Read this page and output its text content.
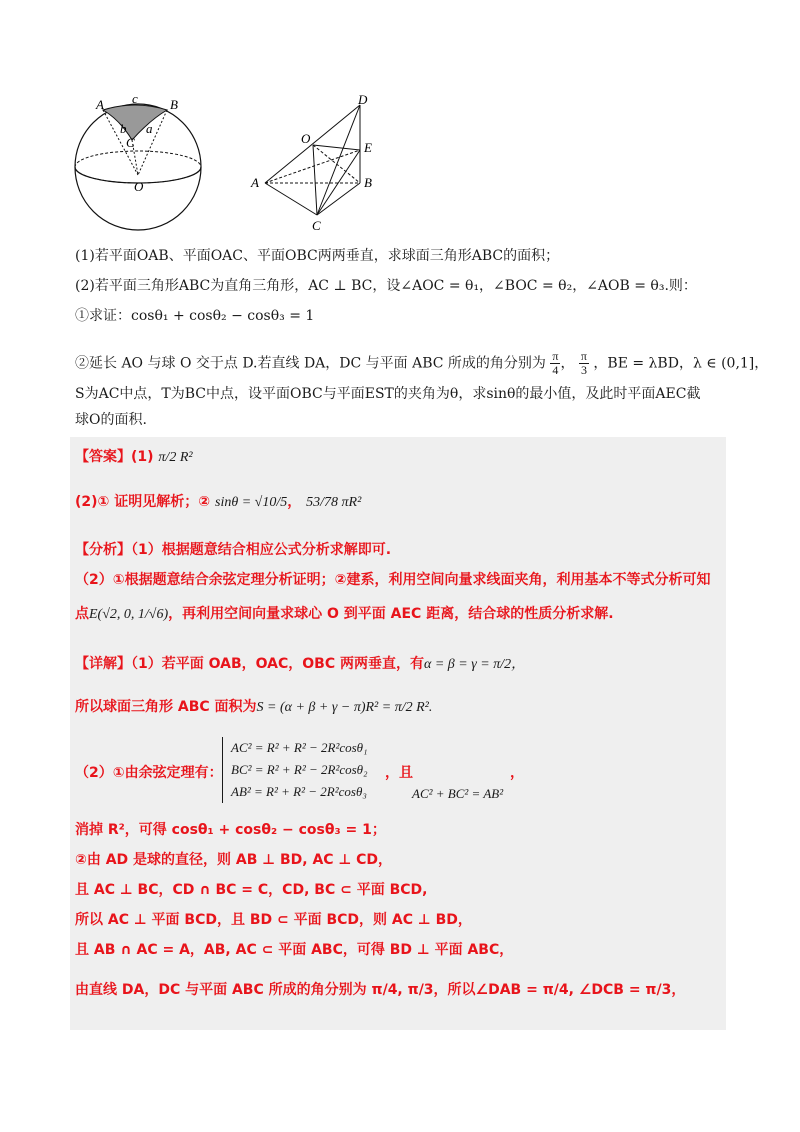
A c B
b a
C
O
D
O
E
A	B
C
(1)若平面OAB、平面OAC、平面OBC两两垂直，求球面三角形ABC的面积；
(2)若平面三角形ABC为直角三角形，AC ⊥ BC，设∠AOC = θ₁，∠BOC = θ₂，∠AOB = θ₃.则：
①求证：cosθ₁ + cosθ₂ − cosθ₃ = 1
②延长 AO 与球 O 交于点 D.若直线 DA，DC 与平面 ABC 所成的角分别为 $\frac{\pi}{4}$ ， $\frac{\pi}{3}$ ，BE = λBD，λ ∈ (0,1]，
S为AC中点，T为BC中点，设平面OBC与平面EST的夹角为θ，求sinθ的最小值，及此时平面AEC截
球O的面积.
【答案】(1) π/2 R²
(2)① 证明见解析；② sinθ = √10/5， 53/78 πR²
【分析】（1）根据题意结合相应公式分析求解即可.
（2）①根据题意结合余弦定理分析证明；②建系，利用空间向量求线面夹角，利用基本不等式分析可知
点E(√2, 0, 1/√6)，再利用空间向量求球心 O 到平面 AEC 距离，结合球的性质分析求解.
【详解】（1）若平面 OAB，OAC，OBC 两两垂直，有α = β = γ = π/2，
所以球面三角形 ABC 面积为S = (α + β + γ − π)R² = π/2 R².
（2）①由余弦定理有：
AC² = R² + R² − 2R²cosθ₁
BC² = R² + R² − 2R²cosθ₂
AB² = R² + R² − 2R²cosθ₃
，且	，
AC² + BC² = AB²
消掉 R²，可得 cosθ₁ + cosθ₂ − cosθ₃ = 1；
②由 AD 是球的直径，则 AB ⊥ BD, AC ⊥ CD，
且 AC ⊥ BC，CD ∩ BC = C，CD, BC ⊂ 平面 BCD,
所以 AC ⊥ 平面 BCD，且 BD ⊂ 平面 BCD，则 AC ⊥ BD，
且 AB ∩ AC = A，AB, AC ⊂ 平面 ABC，可得 BD ⊥ 平面 ABC，
由直线 DA，DC 与平面 ABC 所成的角分别为 π/4, π/3，所以∠DAB = π/4, ∠DCB = π/3，
